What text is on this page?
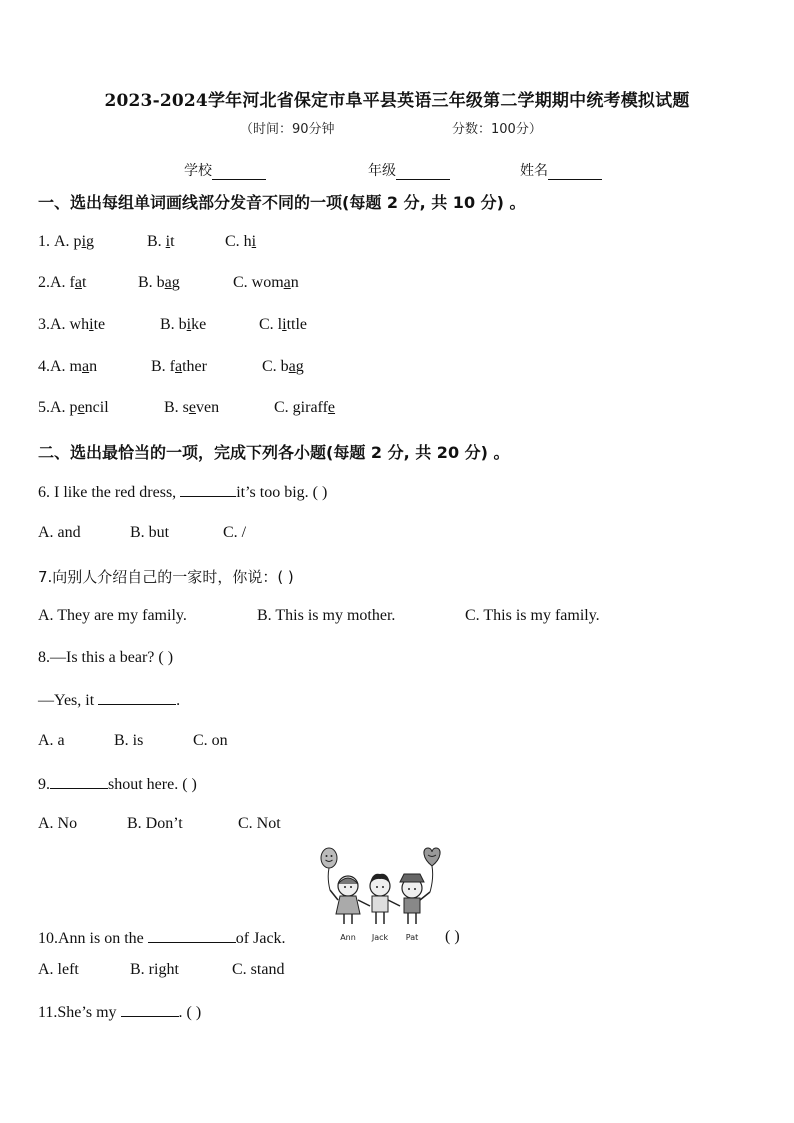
2023-2024学年河北省保定市阜平县英语三年级第二学期期中统考模拟试题
（时间：90分钟	分数：100分）
学校	年级	姓名
一、选出每组单词画线部分发音不同的一项(每题 2 分, 共 10 分) 。
1. A. pig	B. it	C. hi
2.A. fat	B. bag	C. woman
3.A. white	B. bike	C. little
4.A. man	B. father	C. bag
5.A. pencil	B. seven	C. giraffe
二、选出最恰当的一项，完成下列各小题(每题 2 分, 共 20 分) 。
6. I like the red dress,	it’s too big. ( )
A. and	B. but	C. /
7.向别人介绍自己的一家时，你说：( )
A. They are my family.	B. This is my mother.	C. This is my family.
8.—Is this a bear? ( )
—Yes, it	.
A. a	B. is	C. on
9.	shout here. ( )
A. No	B. Don’t	C. Not
Ann Jack Pat
10.Ann is on the	of Jack.	( )
A. left	B. right	C. stand
11.She’s my	. ( )
